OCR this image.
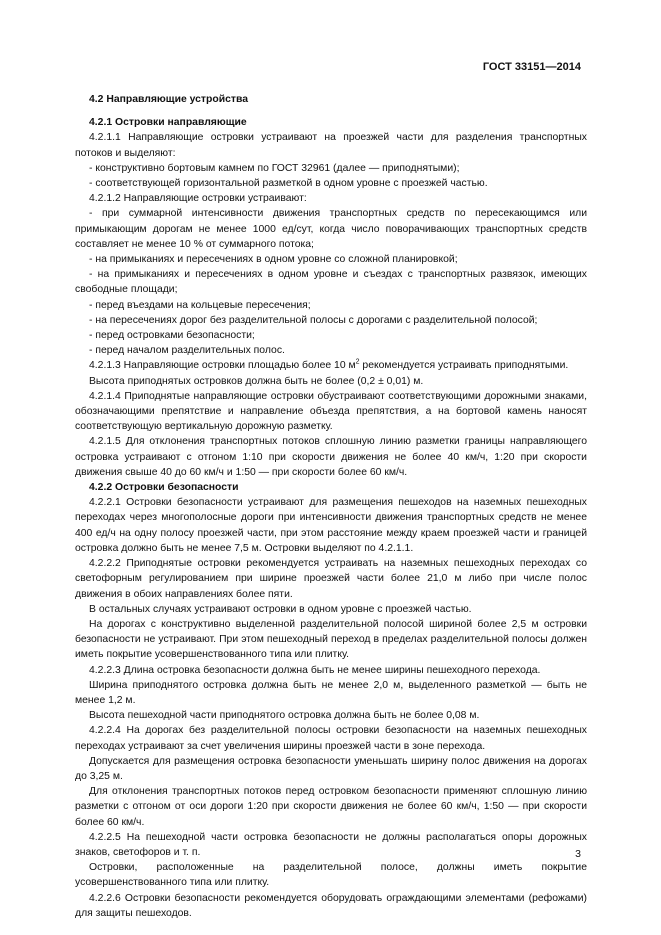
ГОСТ 33151—2014

4.2 Направляющие устройства

4.2.1 Островки направляющие

4.2.1.1 Направляющие островки устраивают на проезжей части для разделения транспортных потоков и выделяют:

- конструктивно бортовым камнем по ГОСТ 32961 (далее — приподнятыми);

- соответствующей горизонтальной разметкой в одном уровне с проезжей частью.

4.2.1.2 Направляющие островки устраивают:

- при суммарной интенсивности движения транспортных средств по пересекающимся или примыкающим дорогам не менее 1000 ед/сут, когда число поворачивающих транспортных средств составляет не менее 10 % от суммарного потока;

- на примыканиях и пересечениях в одном уровне со сложной планировкой;

- на примыканиях и пересечениях в одном уровне и съездах с транспортных развязок, имеющих свободные площади;

- перед въездами на кольцевые пересечения;

- на пересечениях дорог без разделительной полосы с дорогами с разделительной полосой;

- перед островками безопасности;

- перед началом разделительных полос.

4.2.1.3 Направляющие островки площадью более 10 $м^2$ рекомендуется устраивать приподнятыми.

Высота приподнятых островков должна быть не более (0,2 ± 0,01) м.

4.2.1.4 Приподнятые направляющие островки обустраивают соответствующими дорожными знаками, обозначающими препятствие и направление объезда препятствия, а на бортовой камень наносят соответствующую вертикальную дорожную разметку.

4.2.1.5 Для отклонения транспортных потоков сплошную линию разметки границы направляющего островка устраивают с отгоном 1:10 при скорости движения не более 40 км/ч, 1:20 при скорости движения свыше 40 до 60 км/ч и 1:50 — при скорости более 60 км/ч.

4.2.2 Островки безопасности

4.2.2.1 Островки безопасности устраивают для размещения пешеходов на наземных пешеходных переходах через многополосные дороги при интенсивности движения транспортных средств не менее 400 ед/ч на одну полосу проезжей части, при этом расстояние между краем проезжей части и границей островка должно быть не менее 7,5 м. Островки выделяют по 4.2.1.1.

4.2.2.2 Приподнятые островки рекомендуется устраивать на наземных пешеходных переходах со светофорным регулированием при ширине проезжей части более 21,0 м либо при числе полос движения в обоих направлениях более пяти.

В остальных случаях устраивают островки в одном уровне с проезжей частью.

На дорогах с конструктивно выделенной разделительной полосой шириной более 2,5 м островки безопасности не устраивают. При этом пешеходный переход в пределах разделительной полосы должен иметь покрытие усовершенствованного типа или плитку.

4.2.2.3 Длина островка безопасности должна быть не менее ширины пешеходного перехода.

Ширина приподнятого островка должна быть не менее 2,0 м, выделенного разметкой — быть не менее 1,2 м.

Высота пешеходной части приподнятого островка должна быть не более 0,08 м.

4.2.2.4 На дорогах без разделительной полосы островки безопасности на наземных пешеходных переходах устраивают за счет увеличения ширины проезжей части в зоне перехода.

Допускается для размещения островка безопасности уменьшать ширину полос движения на дорогах до 3,25 м.

Для отклонения транспортных потоков перед островком безопасности применяют сплошную линию разметки с отгоном от оси дороги 1:20 при скорости движения не более 60 км/ч, 1:50 — при скорости более 60 км/ч.

4.2.2.5 На пешеходной части островка безопасности не должны располагаться опоры дорожных знаков, светофоров и т. п.

Островки, расположенные на разделительной полосе, должны иметь покрытие усовершенствованного типа или плитку.

4.2.2.6 Островки безопасности рекомендуется оборудовать ограждающими элементами (рефожами) для защиты пешеходов.

3
